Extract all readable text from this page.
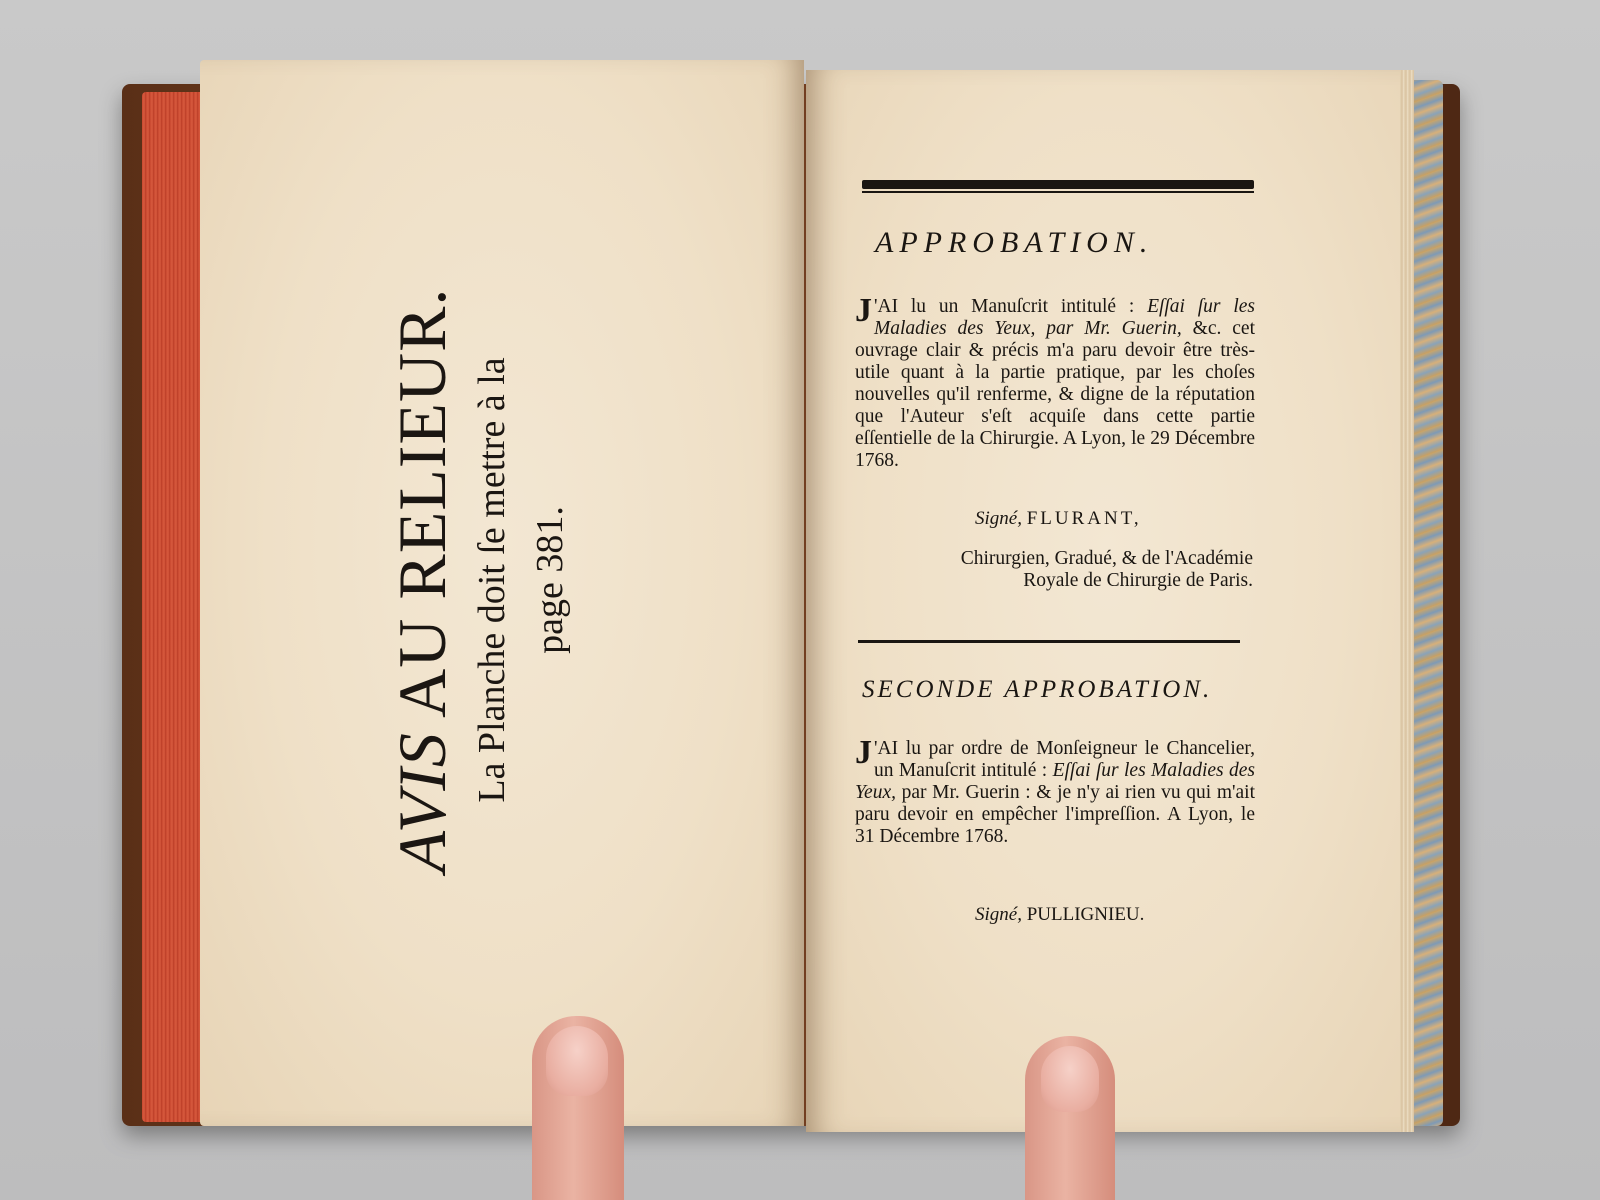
AVIS AU RELIEUR. La Planche doit ſe mettre à la page 381.
APPROBATION.
J 'AI lu un Manuſcrit intitulé : Eſſai ſur les Maladies des Yeux, par Mr. Guerin, &c. cet ouvrage clair & précis m'a paru devoir être très-utile quant à la partie pratique, par les choſes nouvelles qu'il renferme, & digne de la réputation que l'Auteur s'eſt acquiſe dans cette partie eſſentielle de la Chirurgie. A Lyon, le 29 Décembre 1768.
Signé, FLURANT,
Chirurgien, Gradué, & de l'Académie Royale de Chirurgie de Paris.
SECONDE APPROBATION.
J 'AI lu par ordre de Monſeigneur le Chancelier, un Manuſcrit intitulé : Eſſai ſur les Maladies des Yeux, par Mr. Guerin : & je n'y ai rien vu qui m'ait paru devoir en empêcher l'impreſſion. A Lyon, le 31 Décembre 1768.
Signé, PULLIGNIEU.
